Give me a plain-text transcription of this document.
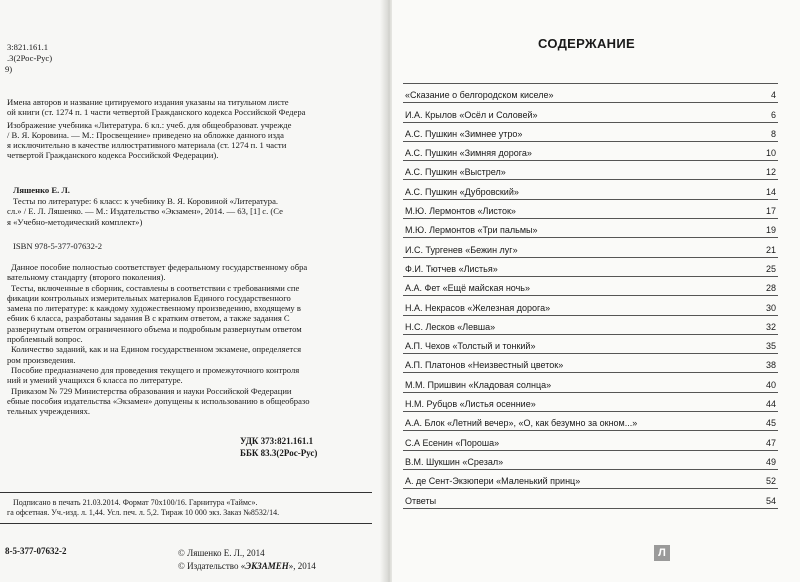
3:821.161.1
.3(2Рос-Рус)
9)
Имена авторов и название цитируемого издания указаны на титульном листе
ой книги (ст. 1274 п. 1 части четвертой Гражданского кодекса Российской Федера
Изображение учебника «Литература. 6 кл.: учеб. для общеобразоват. учрежде
/ В. Я. Коровина. — М.: Просвещение» приведено на обложке данного изда
я исключительно в качестве иллюстративного материала (ст. 1274 п. 1 части
четвертой Гражданского кодекса Российской Федерации).
Ляшенко Е. Л.
Тесты по литературе: 6 класс: к учебнику В. Я. Коровиной «Литература.
сл.» / Е. Л. Ляшенко. — М.: Издательство «Экзамен», 2014. — 63, [1] с. (Се
я «Учебно-методический комплект»)
ISBN 978-5-377-07632-2
Данное пособие полностью соответствует федеральному государственному обра
вательному стандарту (второго поколения).
Тесты, включенные в сборник, составлены в соответствии с требованиями спе
фикации контрольных измерительных материалов Единого государственного
замена по литературе: к каждому художественному произведению, входящему в
ебник 6 класса, разработаны задания В с кратким ответом, а также задания С
развернутым ответом ограниченного объема и подробным развернутым ответом
проблемный вопрос.
Количество заданий, как и на Едином государственном экзамене, определяется
ром произведения.
Пособие предназначено для проведения текущего и промежуточного контроля
ний и умений учащихся 6 класса по литературе.
Приказом № 729 Министерства образования и науки Российской Федерации
ебные пособия издательства «Экзамен» допущены к использованию в общеобразо
тельных учреждениях.
УДК 373:821.161.1
ББК 83.3(2Рос-Рус)
Подписано в печать 21.03.2014. Формат 70х100/16. Гарнитура «Таймс».
га офсетная. Уч.-изд. л. 1,44. Усл. печ. л. 5,2. Тираж 10 000 экз. Заказ №8532/14.
8-5-377-07632-2	© Ляшенко Е. Л., 2014
© Издательство «ЭКЗАМЕН», 2014
СОДЕРЖАНИЕ
«Сказание о белгородском киселе»	4
И.А. Крылов «Осёл и Соловей»	6
А.С. Пушкин «Зимнее утро»	8
А.С. Пушкин «Зимняя дорога»	10
А.С. Пушкин «Выстрел»	12
А.С. Пушкин «Дубровский»	14
М.Ю. Лермонтов «Листок»	17
М.Ю. Лермонтов «Три пальмы»	19
И.С. Тургенев «Бежин луг»	21
Ф.И. Тютчев «Листья»	25
А.А. Фет «Ещё майская ночь»	28
Н.А. Некрасов «Железная дорога»	30
Н.С. Лесков «Левша»	32
А.П. Чехов «Толстый и тонкий»	35
А.П. Платонов «Неизвестный цветок»	38
М.М. Пришвин «Кладовая солнца»	40
Н.М. Рубцов «Листья осенние»	44
А.А. Блок «Летний вечер», «О, как безумно за окном...»	45
С.А Есенин «Пороша»	47
В.М. Шукшин «Срезал»	49
А. де Сент-Экзюпери «Маленький принц»	52
Ответы	54
Л
